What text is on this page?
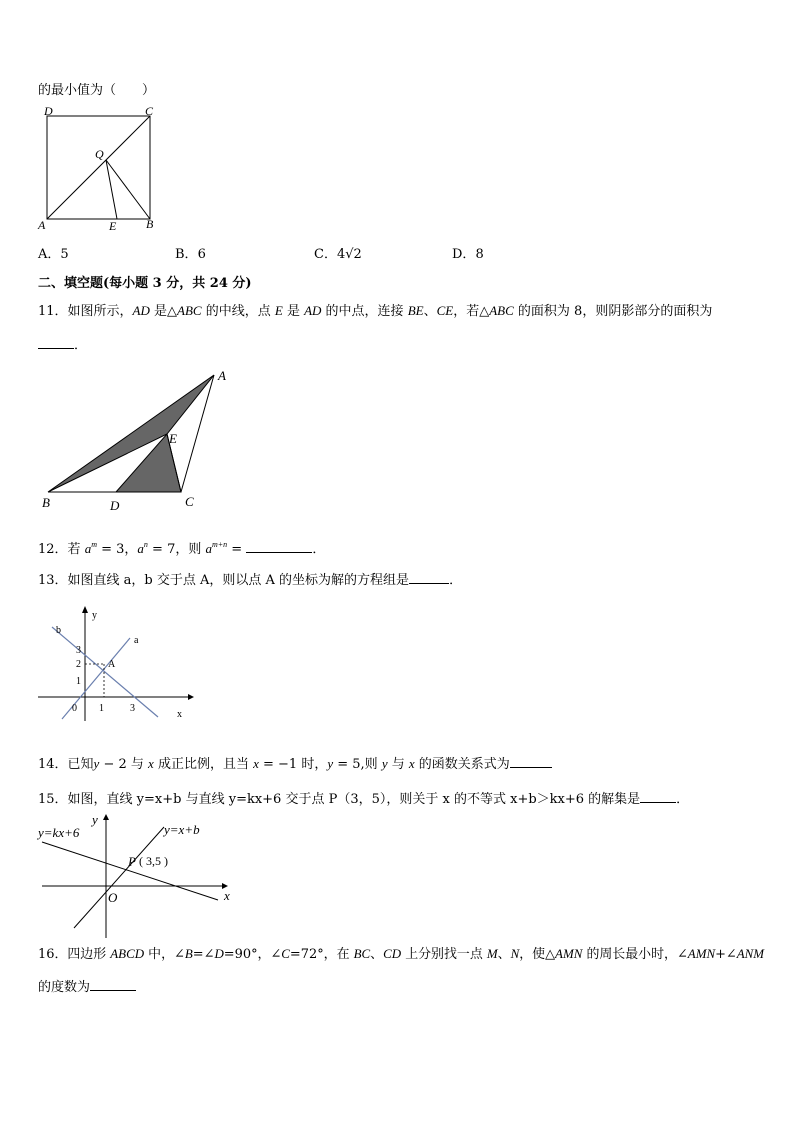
的最小值为（　　）
D	C
Q
A	E B
A．5	B．6	C．4√2	D．8
二、填空题(每小题 3 分，共 24 分)
11．如图所示，AD 是△ABC 的中线，点 E 是 AD 的中点，连接 BE、CE，若△ABC 的面积为 8，则阴影部分的面积为
．
A
E
B	D	C
12．若 $a^m = 3$，$a^n = 7$，则 $a^{m+n}$ =	．
13．如图直线 a，b 交于点 A，则以点 A 的坐标为解的方程组是	．
y
b
a
3
2
1
A
0 1	3
x
14．已知y − 2 与 x 成正比例，且当 x = −1 时，y = 5,则 y 与 x 的函数关系式为
15．如图，直线 y=x+b 与直线 y=kx+6 交于点 P（3，5），则关于 x 的不等式 x+b＞kx+6 的解集是	．
y
y=kx+6	y=x+b
P ( 3,5 )
O	x
16．四边形 ABCD 中，∠B=∠D=90°，∠C=72°，在 BC、CD 上分别找一点 M、N，使△AMN 的周长最小时，∠AMN+∠ANM
的度数为
